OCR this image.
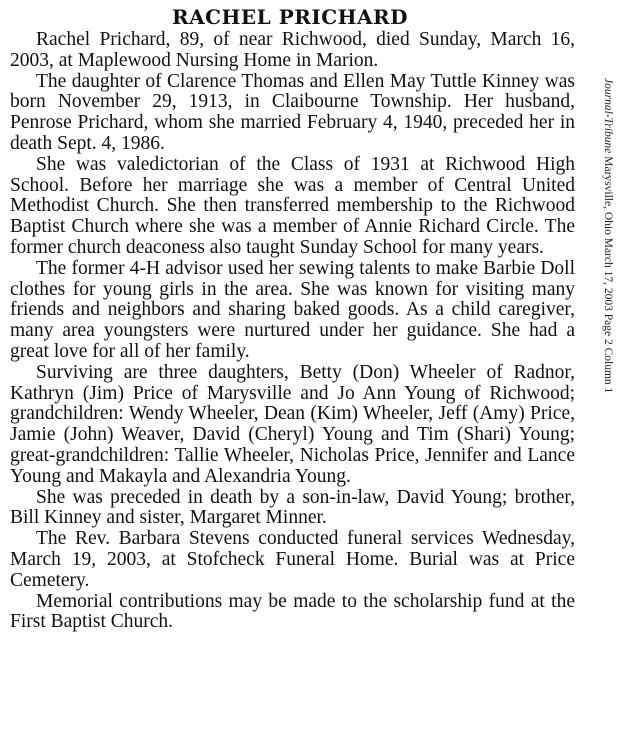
RACHEL PRICHARD

Rachel Prichard, 89, of near Richwood, died Sunday, March 16, 2003, at Maplewood Nursing Home in Marion.

The daughter of Clarence Thomas and Ellen May Tuttle Kinney was born November 29, 1913, in Claibourne Township. Her husband, Penrose Prichard, whom she married February 4, 1940, preceded her in death Sept. 4, 1986.

She was valedictorian of the Class of 1931 at Richwood High School. Before her marriage she was a member of Central United Methodist Church. She then transferred membership to the Richwood Baptist Church where she was a member of Annie Richard Circle. The former church deaconess also taught Sunday School for many years.

The former 4-H advisor used her sewing talents to make Barbie Doll clothes for young girls in the area. She was known for visiting many friends and neighbors and sharing baked goods. As a child caregiver, many area youngsters were nurtured under her guidance. She had a great love for all of her family.

Surviving are three daughters, Betty (Don) Wheeler of Radnor, Kathryn (Jim) Price of Marysville and Jo Ann Young of Richwood; grandchildren: Wendy Wheeler, Dean (Kim) Wheeler, Jeff (Amy) Price, Jamie (John) Weaver, David (Cheryl) Young and Tim (Shari) Young; great-grandchildren: Tallie Wheeler, Nicholas Price, Jennifer and Lance Young and Makayla and Alexandria Young.

She was preceded in death by a son-in-law, David Young; brother, Bill Kinney and sister, Margaret Minner.

The Rev. Barbara Stevens conducted funeral services Wednesday, March 19, 2003, at Stofcheck Funeral Home. Burial was at Price Cemetery.

Memorial contributions may be made to the scholarship fund at the First Baptist Church.

Journal-Tribune Marysville, Ohio March 17, 2003 Page 2 Column 1
